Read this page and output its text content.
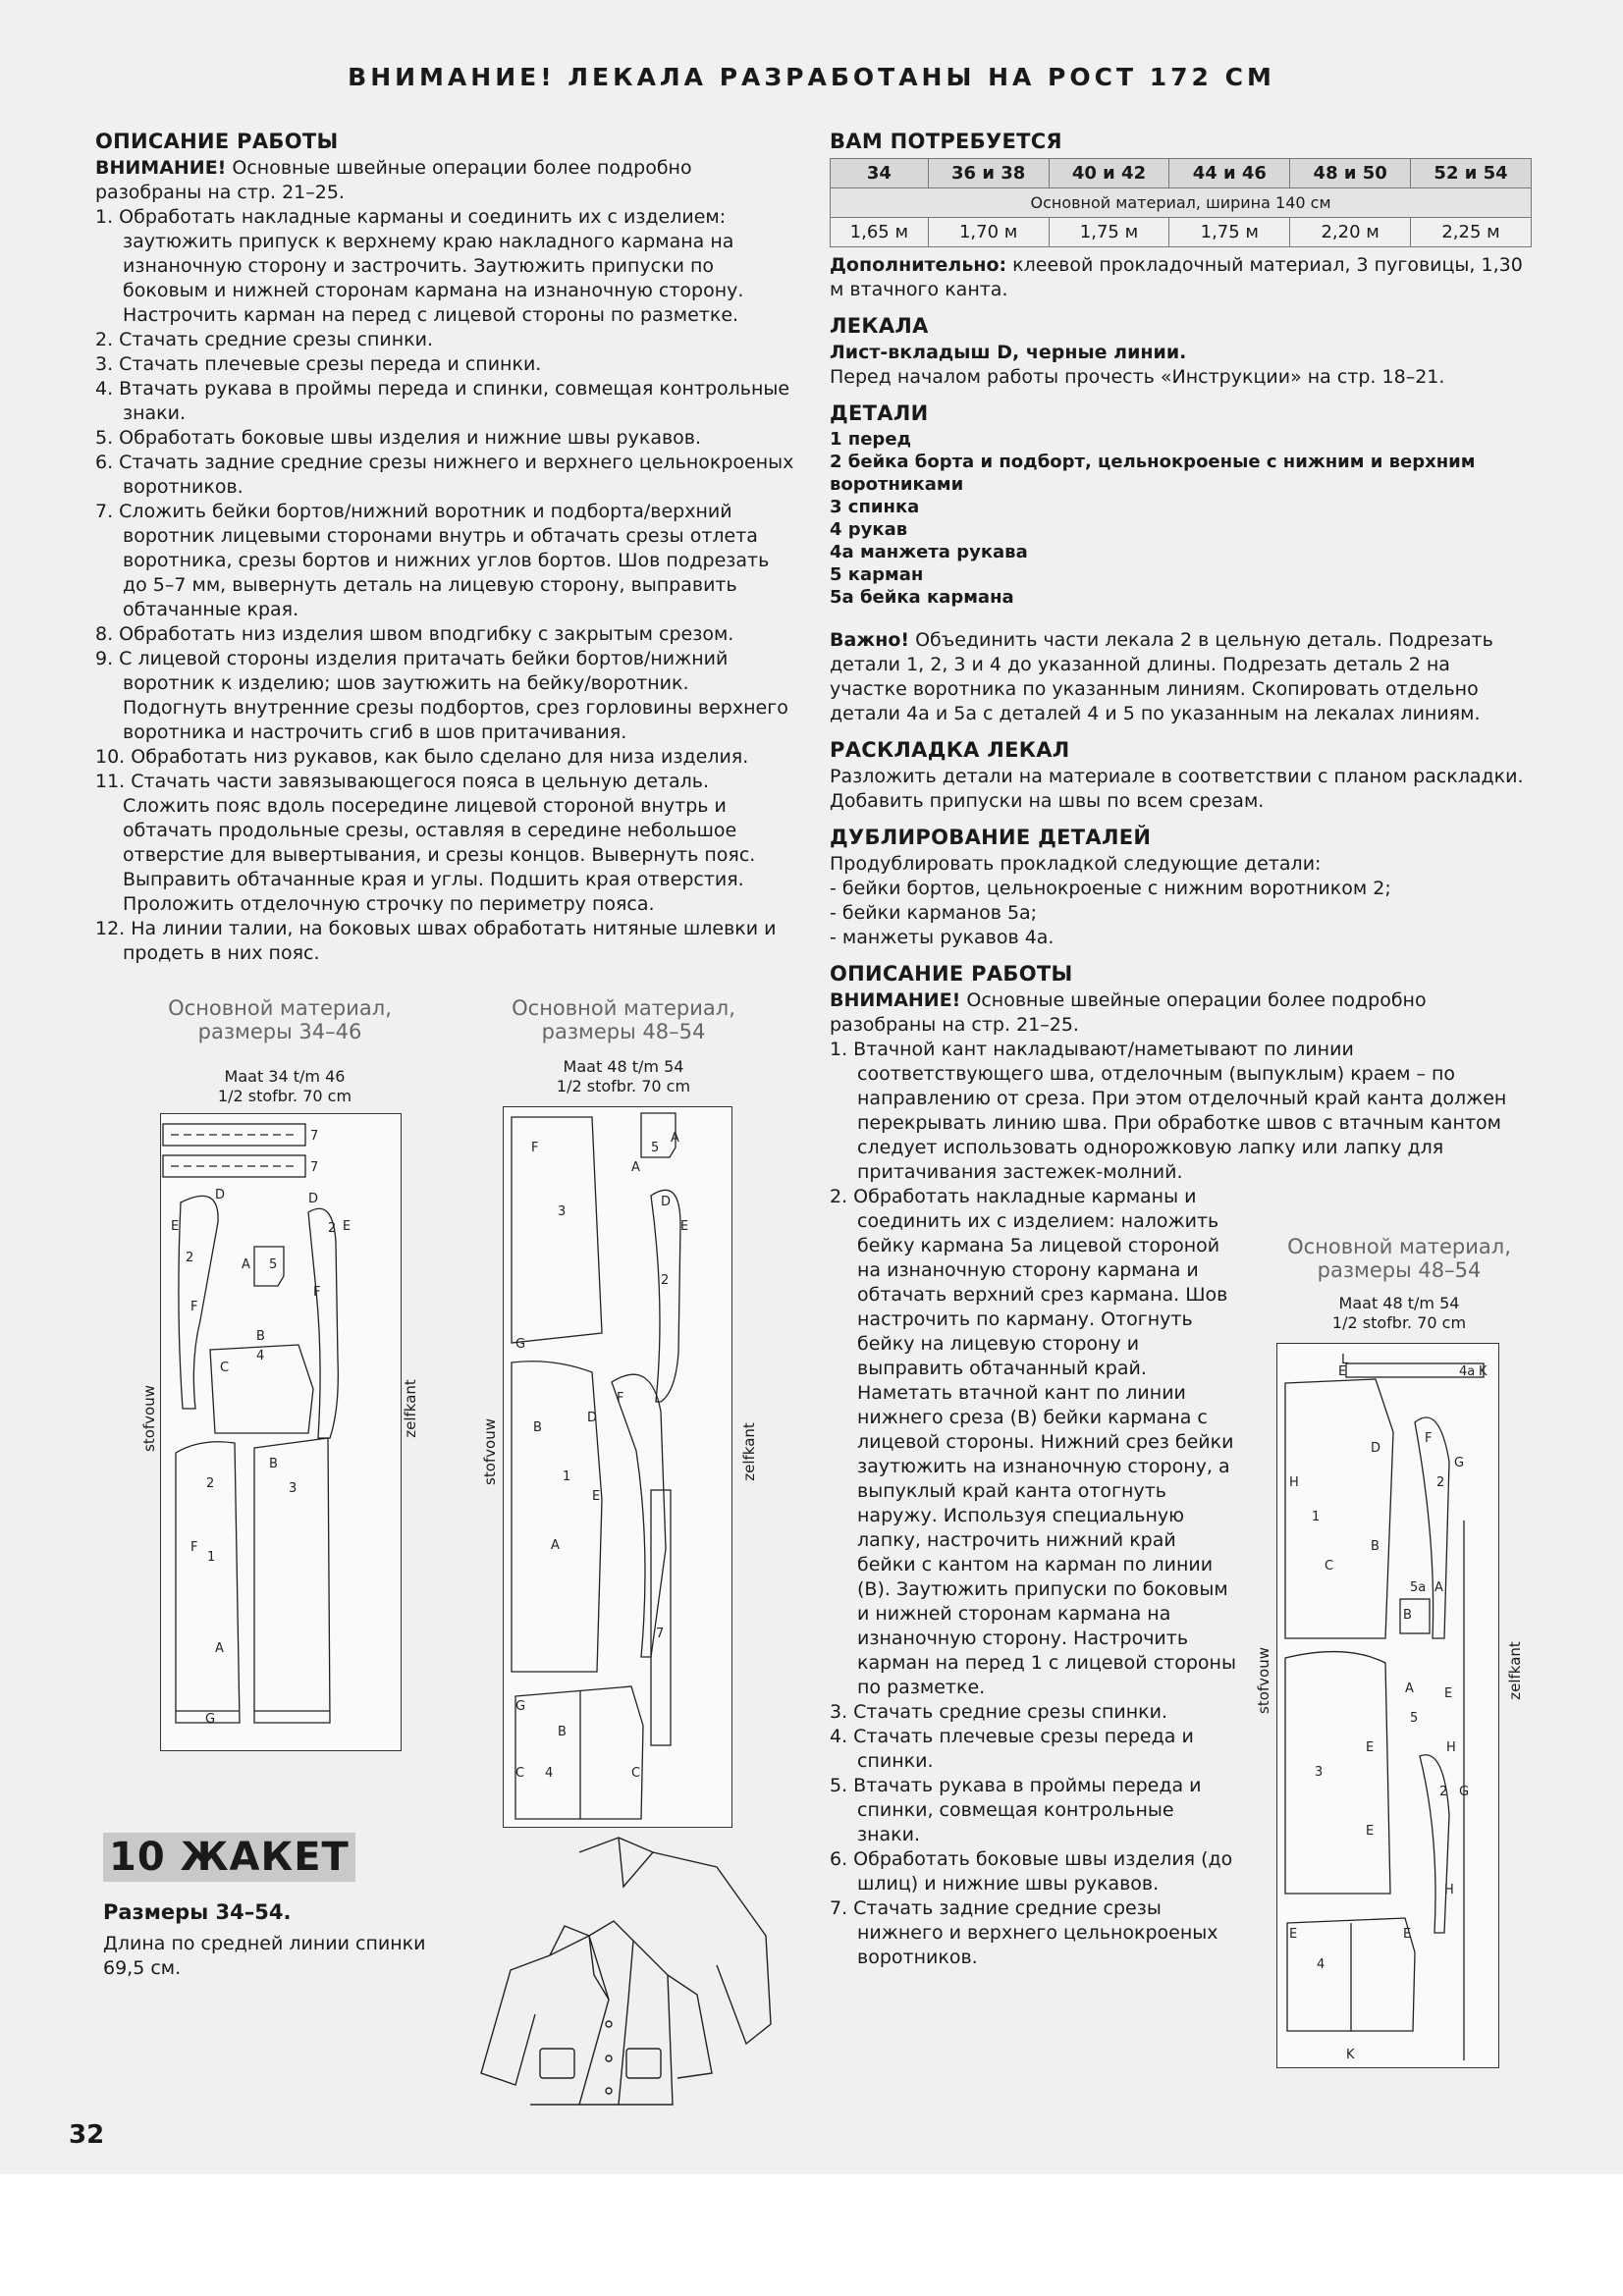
ВНИМАНИЕ! ЛЕКАЛА РАЗРАБОТАНЫ НА РОСТ 172 СМ
ОПИСАНИЕ РАБОТЫ
ВНИМАНИЕ! Основные швейные операции более подробно разобраны на стр. 21–25.
1. Обработать накладные карманы и соединить их с изделием: заутюжить припуск к верхнему краю накладного кармана на изнаночную сторону и застрочить. Заутюжить припуски по боковым и нижней сторонам кармана на изнаночную сторону. Настрочить карман на перед с лицевой стороны по разметке.
2. Стачать средние срезы спинки.
3. Стачать плечевые срезы переда и спинки.
4. Втачать рукава в проймы переда и спинки, совмещая контрольные знаки.
5. Обработать боковые швы изделия и нижние швы рукавов.
6. Стачать задние средние срезы нижнего и верхнего цельнокроеных воротников.
7. Сложить бейки бортов/нижний воротник и подборта/верхний воротник лицевыми сторонами внутрь и обтачать срезы отлета воротника, срезы бортов и нижних углов бортов. Шов подрезать до 5–7 мм, вывернуть деталь на лицевую сторону, выправить обтачанные края.
8. Обработать низ изделия швом вподгибку с закрытым срезом.
9. С лицевой стороны изделия притачать бейки бортов/нижний воротник к изделию; шов заутюжить на бейку/воротник. Подогнуть внутренние срезы подбортов, срез горловины верхнего воротника и настрочить сгиб в шов притачивания.
10. Обработать низ рукавов, как было сделано для низа изделия.
11. Стачать части завязывающегося пояса в цельную деталь. Сложить пояс вдоль посередине лицевой стороной внутрь и обтачать продольные срезы, оставляя в середине небольшое отверстие для вывертывания, и срезы концов. Вывернуть пояс. Выправить обтачанные края и углы. Подшить края отверстия. Проложить отделочную строчку по периметру пояса.
12. На линии талии, на боковых швах обработать нитяные шлевки и продеть в них пояс.
Основной материал,
размеры 34–46
Maat 34 t/m 46
1/2 stofbr. 70 cm
7
7
D
E
2
F
5
A
D
2 E
F
4
C
B
2
F
1
B
3
A
G
stofvouw	zelfkant
Основной материал,
размеры 48–54
Maat 48 t/m 54
1/2 stofbr. 70 cm
5
A
A
3
F
G
D
E
2
B
1
D
E
A
7
F
G
B
4
C	C
stofvouw	zelfkant
10 ЖАКЕТ
Размеры 34–54.
Длина по средней линии спинки 69,5 см.
ВАМ ПОТРЕБУЕТСЯ
34	36 и 38	40 и 42	44 и 46	48 и 50	52 и 54
Основной материал, ширина 140 см					
1,65 м	1,70 м	1,75 м	1,75 м	2,20 м	2,25 м
Дополнительно: клеевой прокладочный материал, 3 пуговицы, 1,30 м втачного канта.
ЛЕКАЛА
Лист-вкладыш D, черные линии.
Перед началом работы прочесть «Инструкции» на стр. 18–21.
ДЕТАЛИ
1 перед
2 бейка борта и подборт, цельнокроеные с нижним и верхним воротниками
3 спинка
4 рукав
4а манжета рукава
5 карман
5а бейка кармана
Важно! Объединить части лекала 2 в цельную деталь. Подрезать детали 1, 2, 3 и 4 до указанной длины. Подрезать деталь 2 на участке воротника по указанным линиям. Скопировать отдельно детали 4а и 5а с деталей 4 и 5 по указанным на лекалах линиям.
РАСКЛАДКА ЛЕКАЛ
Разложить детали на материале в соответствии с планом раскладки. Добавить припуски на швы по всем срезам.
ДУБЛИРОВАНИЕ ДЕТАЛЕЙ
Продублировать прокладкой следующие детали:
- бейки бортов, цельнокроеные с нижним воротником 2;
- бейки карманов 5а;
- манжеты рукавов 4а.
ОПИСАНИЕ РАБОТЫ
ВНИМАНИЕ! Основные швейные операции более подробно разобраны на стр. 21–25.
1. Втачной кант накладывают/наметывают по линии соответствующего шва, отделочным (выпуклым) краем – по направлению от среза. При этом отделочный край канта должен перекрывать линию шва. При обработке швов с втачным кантом следует использовать однорожковую лапку или лапку для притачивания застежек-молний.
2. Обработать накладные карманы и соединить их с изделием: наложить бейку кармана 5а лицевой стороной на изнаночную сторону кармана и обтачать верхний срез кармана. Шов настрочить по карману. Отогнуть бейку на лицевую сторону и выправить обтачанный край. Наметать втачной кант по линии нижнего среза (В) бейки кармана с лицевой стороны. Нижний срез бейки заутюжить на изнаночную сторону, а выпуклый край канта отогнуть наружу. Используя специальную лапку, настрочить нижний край бейки с кантом на карман по линии (В). Заутюжить припуски по боковым и нижней сторонам кармана на изнаночную сторону. Настрочить карман на перед 1 с лицевой стороны по разметке.
3. Стачать средние срезы спинки.
4. Стачать плечевые срезы переда и спинки.
5. Втачать рукава в проймы переда и спинки, совмещая контрольные знаки.
6. Обработать боковые швы изделия (до шлиц) и нижние швы рукавов.
7. Стачать задние средние срезы нижнего и верхнего цельнокроеных воротников.
Основной материал,
размеры 48–54
Maat 48 t/m 54
1/2 stofbr. 70 cm
E	4a K
L
D
H
1
C
B
F
2
G
5a A
B
A
5
E
3
E
2 G
E
H
H
4
E	E
K
stofvouw	zelfkant
32
